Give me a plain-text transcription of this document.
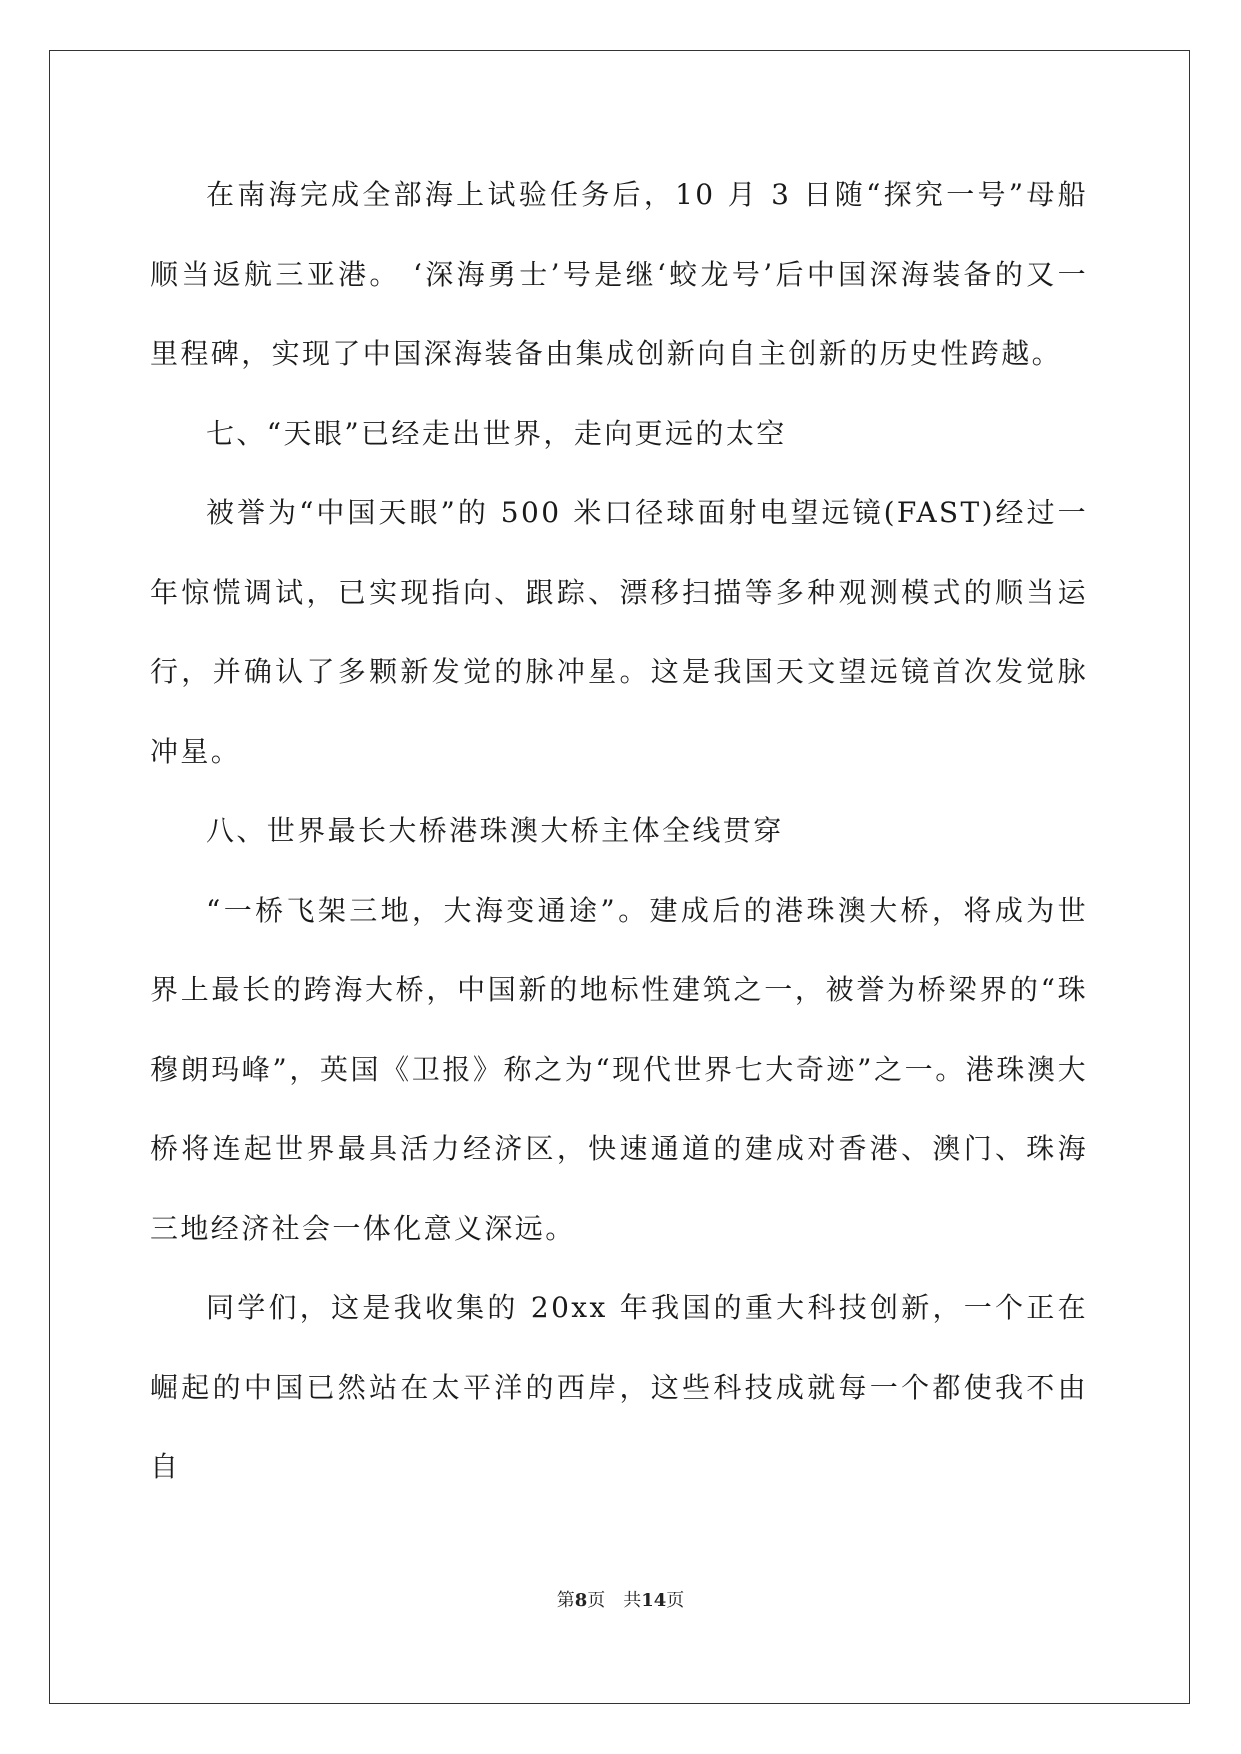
在南海完成全部海上试验任务后，10 月 3 日随“探究一号”母船顺当返航三亚港。 ‘深海勇士’号是继‘蛟龙号’后中国深海装备的又一里程碑，实现了中国深海装备由集成创新向自主创新的历史性跨越。

七、“天眼”已经走出世界，走向更远的太空

被誉为“中国天眼”的 500 米口径球面射电望远镜(FAST)经过一年惊慌调试，已实现指向、跟踪、漂移扫描等多种观测模式的顺当运行，并确认了多颗新发觉的脉冲星。这是我国天文望远镜首次发觉脉冲星。

八、世界最长大桥港珠澳大桥主体全线贯穿

“一桥飞架三地，大海变通途”。建成后的港珠澳大桥，将成为世界上最长的跨海大桥，中国新的地标性建筑之一，被誉为桥梁界的“珠穆朗玛峰”，英国《卫报》称之为“现代世界七大奇迹”之一。港珠澳大桥将连起世界最具活力经济区，快速通道的建成对香港、澳门、珠海三地经济社会一体化意义深远。

同学们，这是我收集的 20xx 年我国的重大科技创新，一个正在崛起的中国已然站在太平洋的西岸，这些科技成就每一个都使我不由自

第8页　共14页
